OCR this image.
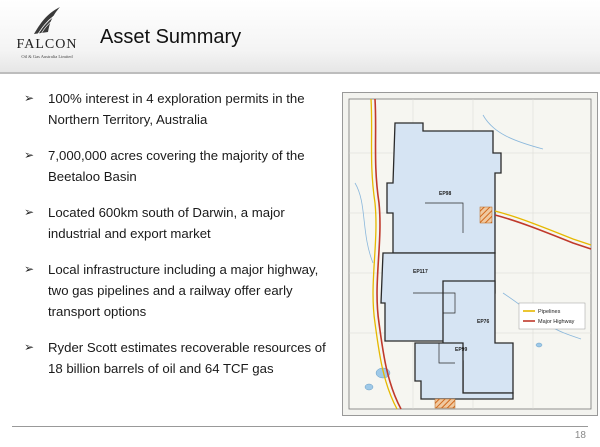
FALCON
Oil & Gas Australia Limited
Asset Summary
➢ 100% interest in 4 exploration permits in the Northern Territory, Australia
➢ 7,000,000 acres covering the majority of the Beetaloo Basin
➢ Located 600km south of Darwin, a major industrial and export market
➢ Local infrastructure including a major highway, two gas pipelines and a railway offer early transport options
➢ Ryder Scott estimates recoverable resources of 18 billion barrels of oil and 64 TCF gas
EP98
EP117
EP76
EP99
Pipelines
Major Highway
18
